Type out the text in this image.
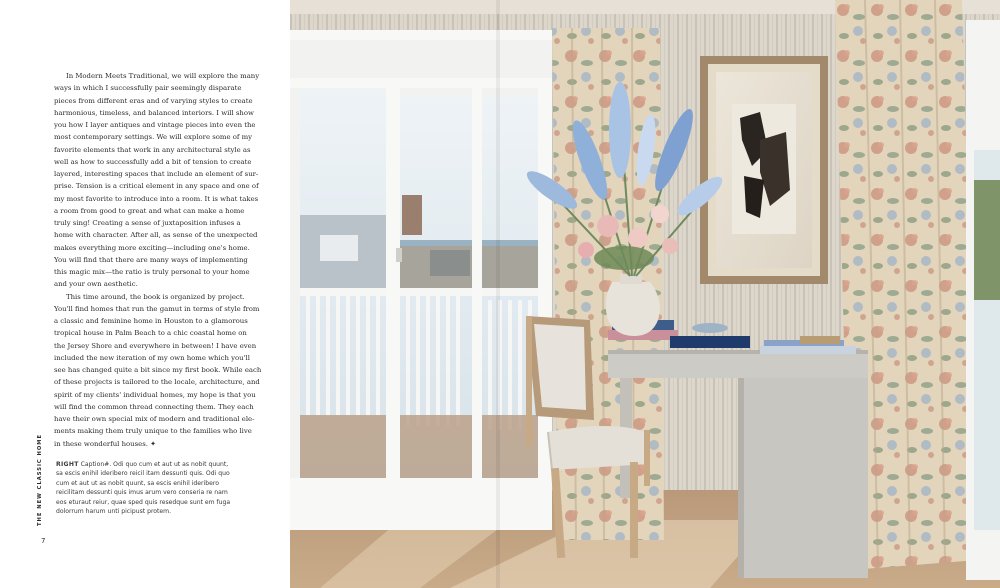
In Modern Meets Traditional, we will explore the many
ways in which I successfully pair seemingly disparate
pieces from different eras and of varying styles to create
harmonious, timeless, and balanced interiors. I will show
you how I layer antiques and vintage pieces into even the
most contemporary settings. We will explore some of my
favorite elements that work in any architectural style as
well as how to successfully add a bit of tension to create
layered, interesting spaces that include an element of sur-
prise. Tension is a critical element in any space and one of
my most favorite to introduce into a room. It is what takes
a room from good to great and what can make a home
truly sing! Creating a sense of juxtaposition infuses a
home with character. After all, as sense of the unexpected
makes everything more exciting—including one's home.
You will find that there are many ways of implementing
this magic mix—the ratio is truly personal to your home
and your own aesthetic.

This time around, the book is organized by project.
You'll find homes that run the gamut in terms of style from
a classic and feminine home in Houston to a glamorous
tropical house in Palm Beach to a chic coastal home on
the Jersey Shore and everywhere in between! I have even
included the new iteration of my own home which you'll
see has changed quite a bit since my first book. While each
of these projects is tailored to the locale, architecture, and
spirit of my clients' individual homes, my hope is that you
will find the common thread connecting them. They each
have their own special mix of modern and traditional ele-
ments making them truly unique to the families who live
in these wonderful houses. ✦

THE NEW CLASSIC HOME
7
RIGHT Caption#. Odi quo cum et aut ut as nobit quunt,
sa escis enihil ideribero reicil itam dessunti quis. Odi quo
cum et aut ut as nobit quunt, sa escis enihil ideribero
reicilitam dessunti quis imus arum vero conseria re nam
eos eturaut reiur, quae sped quis resedque sunt em fuga
dolorrum harum unti picipust protem.
